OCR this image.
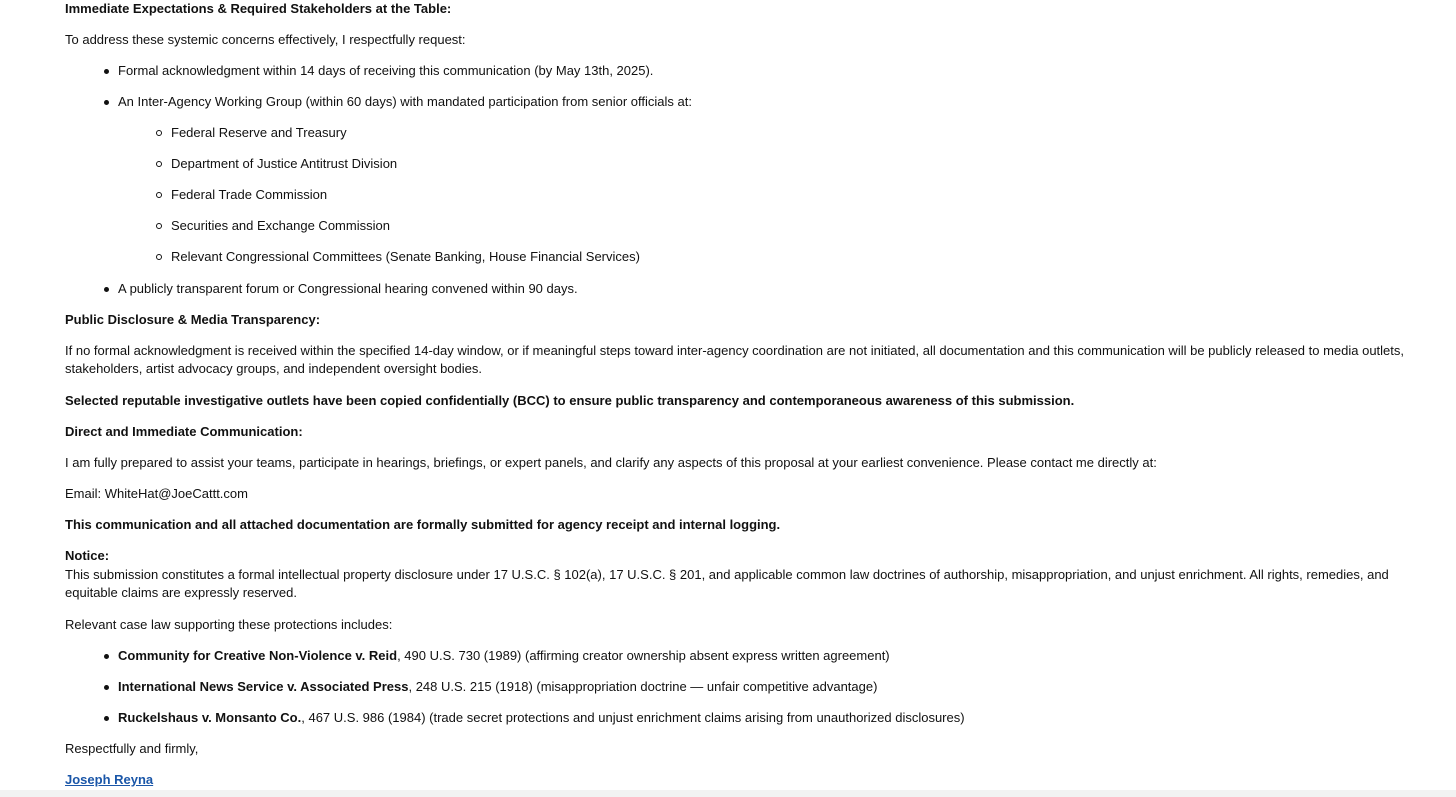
Immediate Expectations & Required Stakeholders at the Table:
To address these systemic concerns effectively, I respectfully request:
Formal acknowledgment within 14 days of receiving this communication (by May 13th, 2025).
An Inter-Agency Working Group (within 60 days) with mandated participation from senior officials at:
Federal Reserve and Treasury
Department of Justice Antitrust Division
Federal Trade Commission
Securities and Exchange Commission
Relevant Congressional Committees (Senate Banking, House Financial Services)
A publicly transparent forum or Congressional hearing convened within 90 days.
Public Disclosure & Media Transparency:
If no formal acknowledgment is received within the specified 14-day window, or if meaningful steps toward inter-agency coordination are not initiated, all documentation and this communication will be publicly released to media outlets, stakeholders, artist advocacy groups, and independent oversight bodies.
Selected reputable investigative outlets have been copied confidentially (BCC) to ensure public transparency and contemporaneous awareness of this submission.
Direct and Immediate Communication:
I am fully prepared to assist your teams, participate in hearings, briefings, or expert panels, and clarify any aspects of this proposal at your earliest convenience. Please contact me directly at:
Email: WhiteHat@JoeCattt.com
This communication and all attached documentation are formally submitted for agency receipt and internal logging.
Notice:
This submission constitutes a formal intellectual property disclosure under 17 U.S.C. § 102(a), 17 U.S.C. § 201, and applicable common law doctrines of authorship, misappropriation, and unjust enrichment. All rights, remedies, and equitable claims are expressly reserved.
Relevant case law supporting these protections includes:
Community for Creative Non-Violence v. Reid, 490 U.S. 730 (1989) (affirming creator ownership absent express written agreement)
International News Service v. Associated Press, 248 U.S. 215 (1918) (misappropriation doctrine — unfair competitive advantage)
Ruckelshaus v. Monsanto Co., 467 U.S. 986 (1984) (trade secret protections and unjust enrichment claims arising from unauthorized disclosures)
Respectfully and firmly,
Joseph Reyna
